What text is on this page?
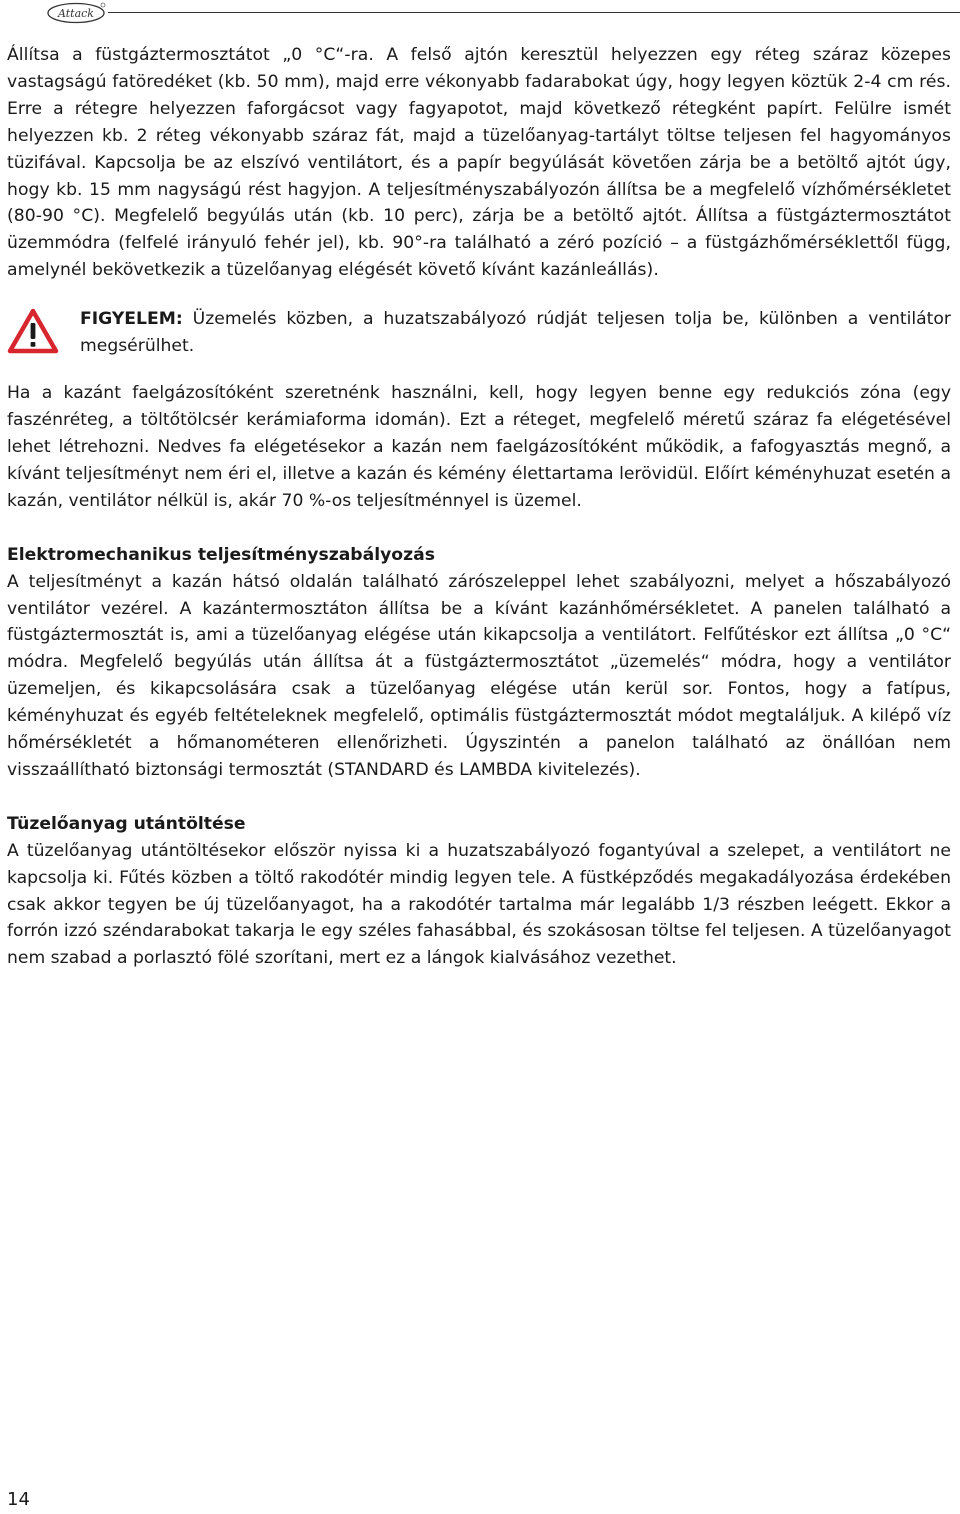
Attack

Állítsa a füstgáztermosztátot „0 °C“-ra. A felső ajtón keresztül helyezzen egy réteg száraz közepes vastagságú fatöredéket (kb. 50 mm), majd erre vékonyabb fadarabokat úgy, hogy legyen köztük 2-4 cm rés. Erre a rétegre helyezzen faforgácsot vagy fagyapotot, majd következő rétegként papírt. Felülre ismét helyezzen kb. 2 réteg vékonyabb száraz fát, majd a tüzelőanyag-tartályt töltse teljesen fel hagyományos tüzifával. Kapcsolja be az elszívó ventilátort, és a papír begyúlását követően zárja be a betöltő ajtót úgy, hogy kb. 15 mm nagyságú rést hagyjon. A teljesítményszabályozón állítsa be a megfelelő vízhőmérsékletet (80-90 °C). Megfelelő begyúlás után (kb. 10 perc), zárja be a betöltő ajtót. Állítsa a füstgáztermosztátot üzemmódra (felfelé irányuló fehér jel), kb. 90°-ra található a zéró pozíció – a füstgázhőmérséklettől függ, amelynél bekövetkezik a tüzelőanyag elégését követő kívánt kazánleállás).

FIGYELEM: Üzemelés közben, a huzatszabályozó rúdját teljesen tolja be, különben a ventilátor megsérülhet.

Ha a kazánt faelgázosítóként szeretnénk használni, kell, hogy legyen benne egy redukciós zóna (egy faszénréteg, a töltőtölcsér kerámiaforma idomán). Ezt a réteget, megfelelő méretű száraz fa elégetésével lehet létrehozni. Nedves fa elégetésekor a kazán nem faelgázosítóként működik, a fafogyasztás megnő, a kívánt teljesítményt nem éri el, illetve a kazán és kémény élettartama lerövidül. Előírt kéményhuzat esetén a kazán, ventilátor nélkül is, akár 70 %-os teljesítménnyel is üzemel.

Elektromechanikus teljesítményszabályozás

A teljesítményt a kazán hátsó oldalán található zárószeleppel lehet szabályozni, melyet a hőszabályozó ventilátor vezérel. A kazántermosztáton állítsa be a kívánt kazánhőmérsékletet. A panelen található a füstgáztermosztát is, ami a tüzelőanyag elégése után kikapcsolja a ventilátort. Felfűtéskor ezt állítsa „0 °C“ módra. Megfelelő begyúlás után állítsa át a füstgáztermosztátot „üzemelés“ módra, hogy a ventilátor üzemeljen, és kikapcsolására csak a tüzelőanyag elégése után kerül sor. Fontos, hogy a fatípus, kéményhuzat és egyéb feltételeknek megfelelő, optimális füstgáztermosztát módot megtaláljuk. A kilépő víz hőmérsékletét a hőmanométeren ellenőrizheti. Úgyszintén a panelon található az önállóan nem visszaállítható biztonsági termosztát (STANDARD és LAMBDA kivitelezés).

Tüzelőanyag utántöltése

A tüzelőanyag utántöltésekor először nyissa ki a huzatszabályozó fogantyúval a szelepet, a ventilátort ne kapcsolja ki. Fűtés közben a töltő rakodótér mindig legyen tele. A füstképződés megakadályozása érdekében csak akkor tegyen be új tüzelőanyagot, ha a rakodótér tartalma már legalább 1/3 részben leégett. Ekkor a forrón izzó széndarabokat takarja le egy széles fahasábbal, és szokásosan töltse fel teljesen. A tüzelőanyagot nem szabad a porlasztó fölé szorítani, mert ez a lángok kialvásához vezethet.

14
